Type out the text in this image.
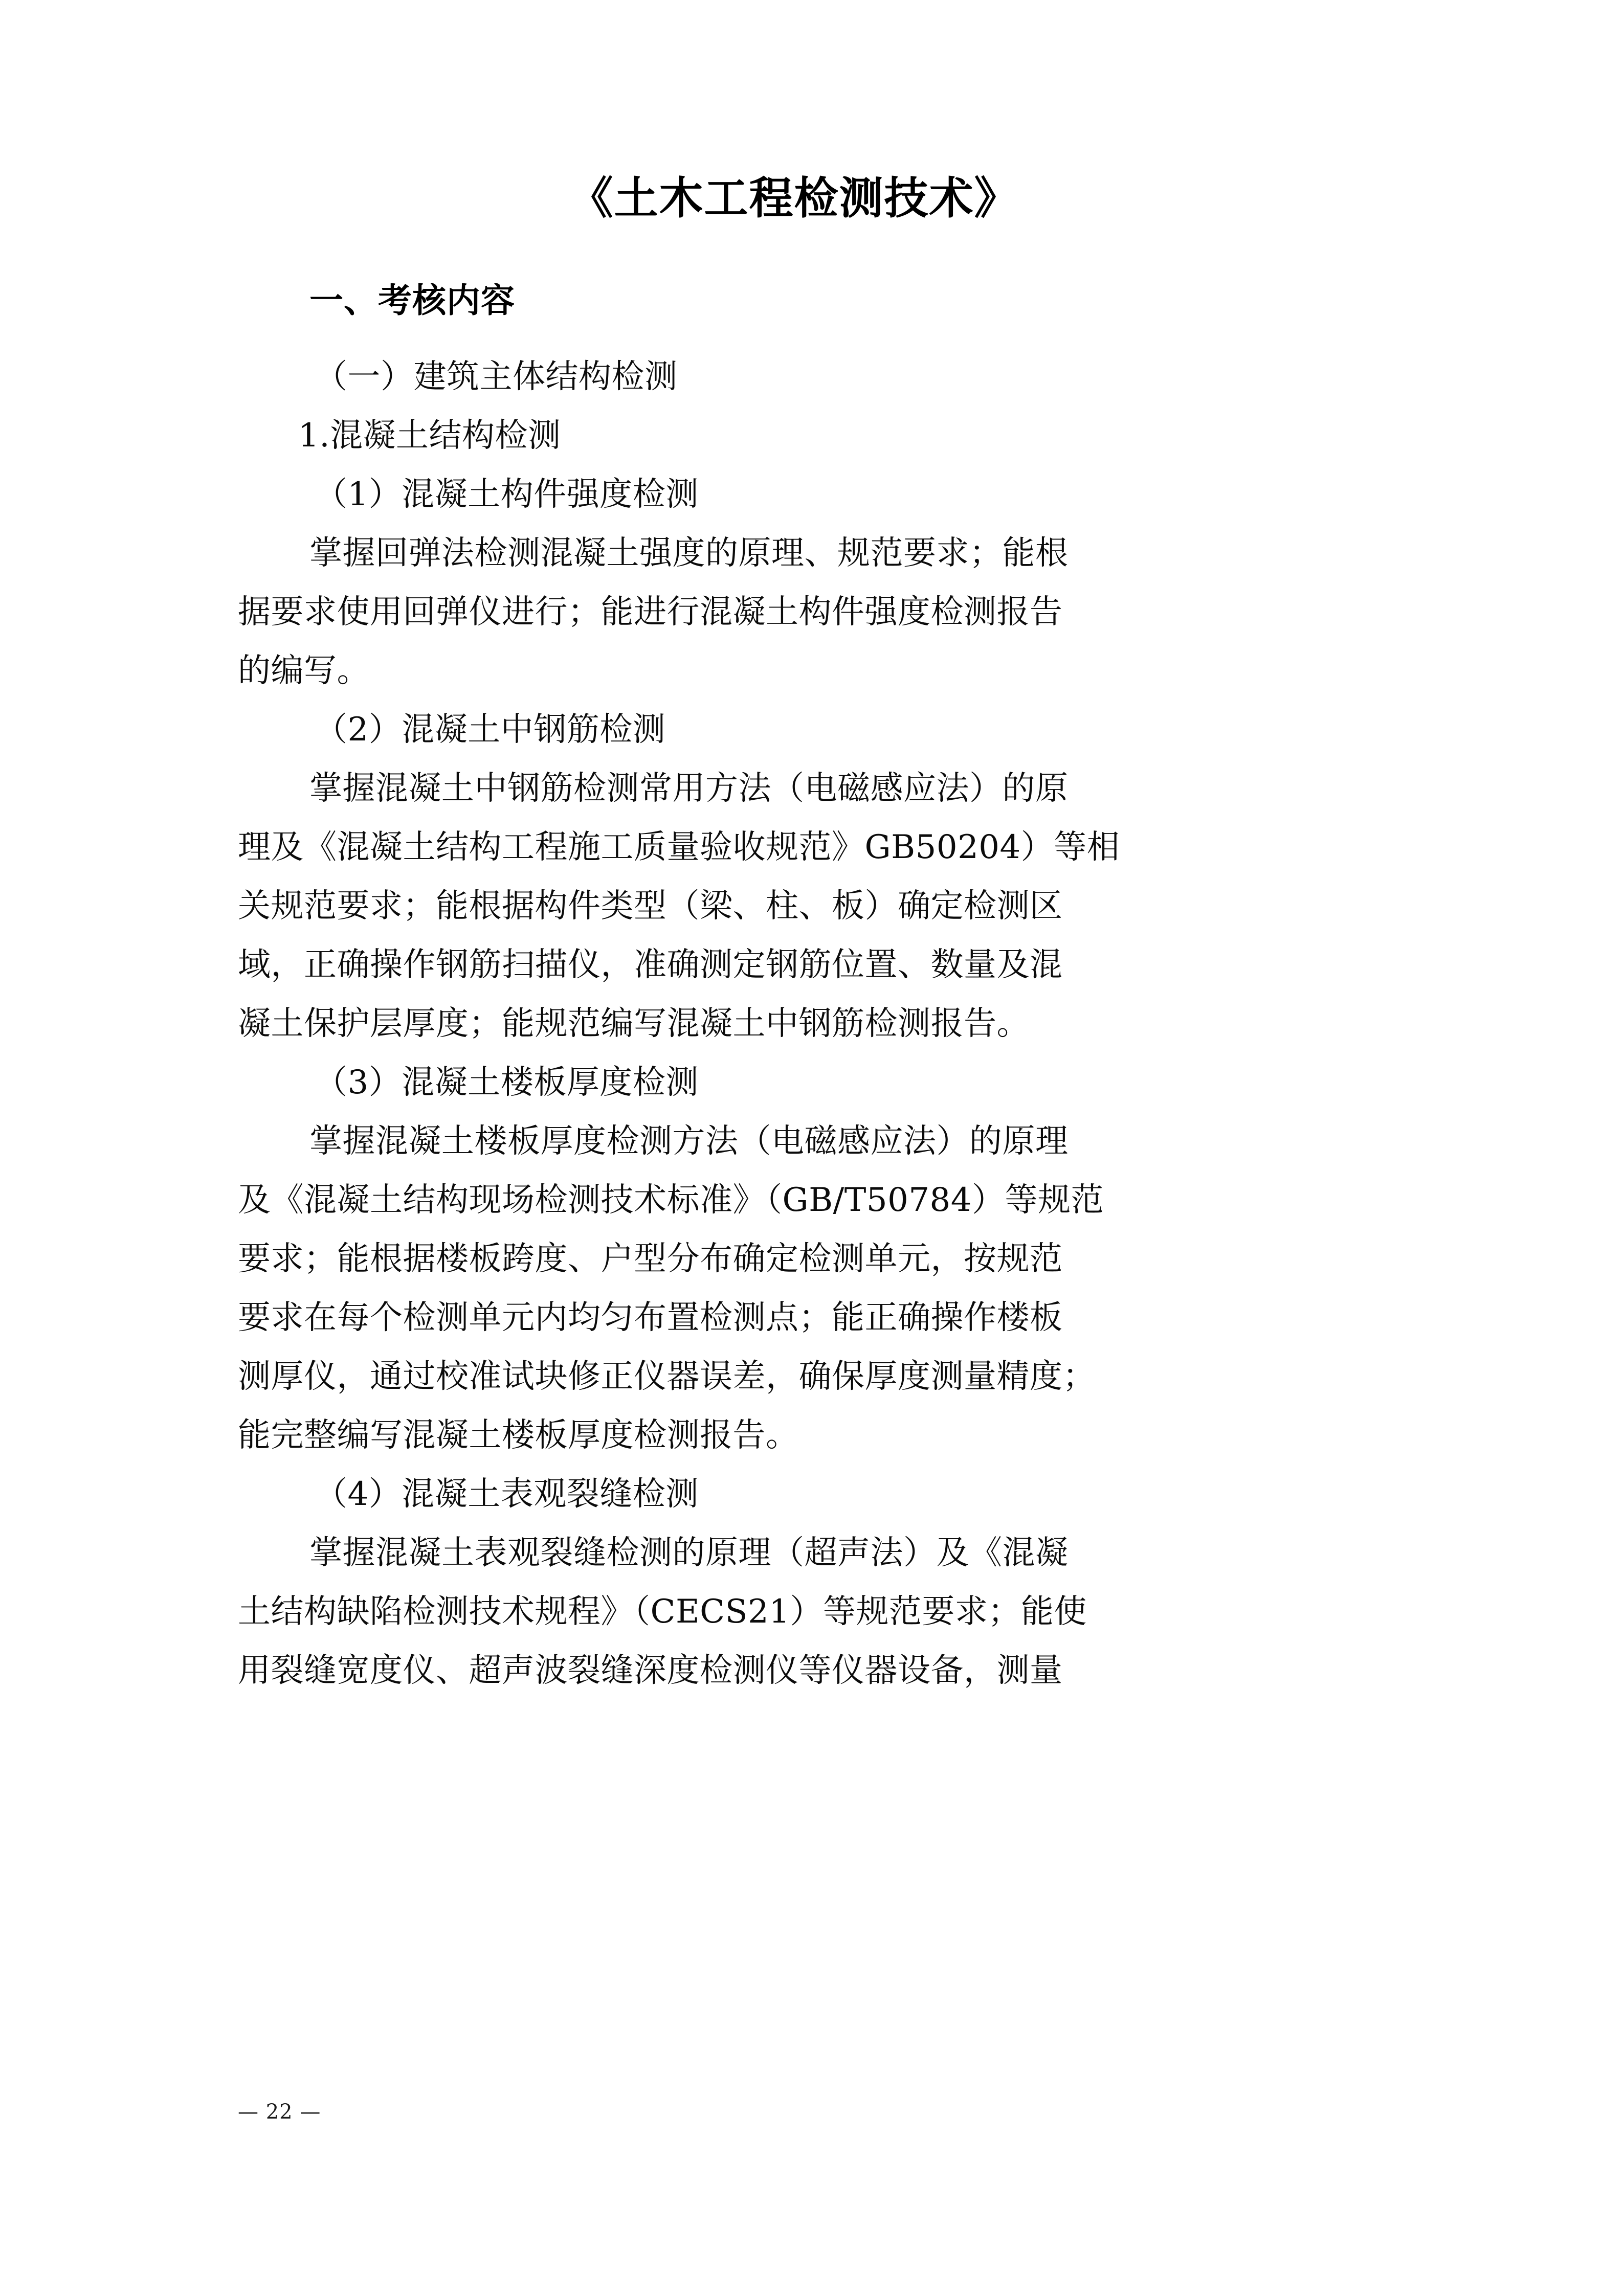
《土木工程检测技术》
一、考核内容
（一）建筑主体结构检测
1.混凝土结构检测
（1）混凝土构件强度检测
掌握回弹法检测混凝土强度的原理、规范要求；能根
据要求使用回弹仪进行；能进行混凝土构件强度检测报告
的编写。
（2）混凝土中钢筋检测
掌握混凝土中钢筋检测常用方法（电磁感应法）的原
理及《混凝土结构工程施工质量验收规范》GB50204）等相
关规范要求；能根据构件类型（梁、柱、板）确定检测区
域，正确操作钢筋扫描仪，准确测定钢筋位置、数量及混
凝土保护层厚度；能规范编写混凝土中钢筋检测报告。
（3）混凝土楼板厚度检测
掌握混凝土楼板厚度检测方法（电磁感应法）的原理
及《混凝土结构现场检测技术标准》（GB/T50784）等规范
要求；能根据楼板跨度、户型分布确定检测单元，按规范
要求在每个检测单元内均匀布置检测点；能正确操作楼板
测厚仪，通过校准试块修正仪器误差，确保厚度测量精度；
能完整编写混凝土楼板厚度检测报告。
（4）混凝土表观裂缝检测
掌握混凝土表观裂缝检测的原理（超声法）及《混凝
土结构缺陷检测技术规程》（CECS21）等规范要求；能使
用裂缝宽度仪、超声波裂缝深度检测仪等仪器设备，测量
— 22 —
